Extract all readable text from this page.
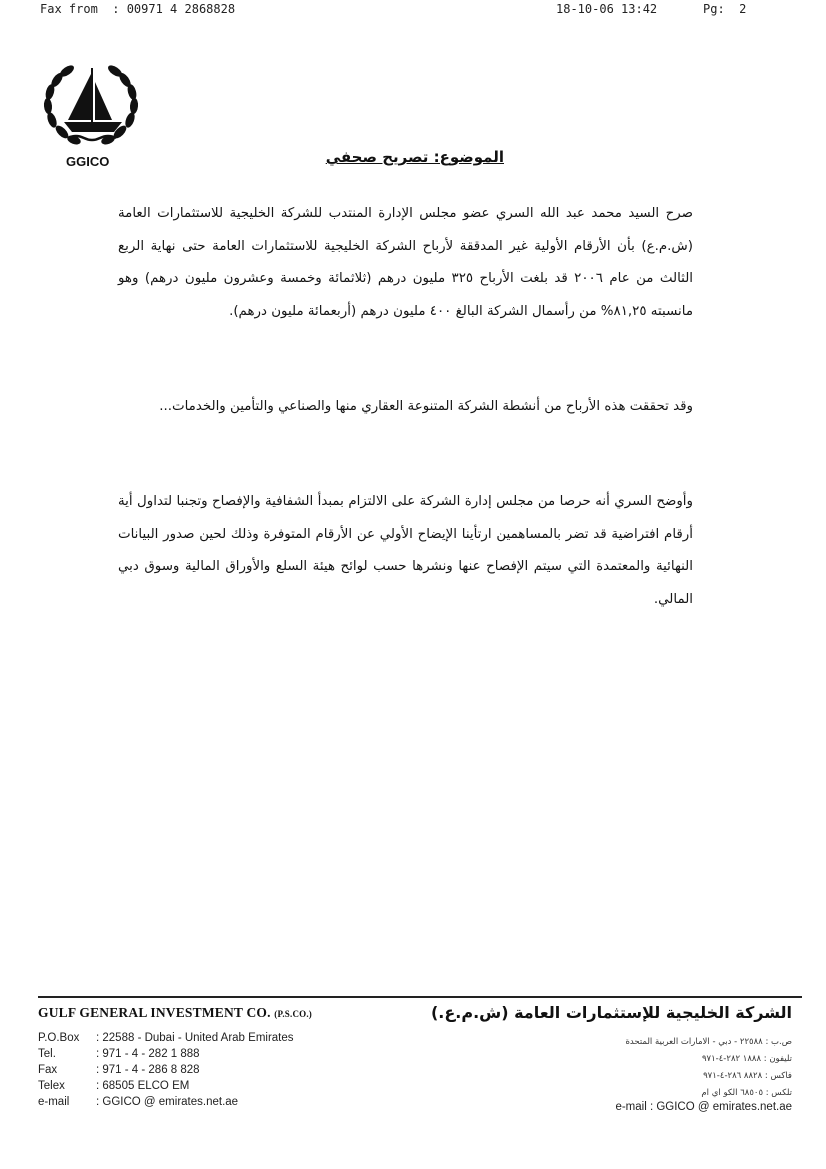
Fax from  : 00971 4 2868828	18-10-06 13:42	Pg:  2
GGICO	الموضوع: تصريح صحفي
صرح السيد محمد عبد الله السري عضو مجلس الإدارة المنتدب للشركة الخليجية للاستثمارات العامة (ش.م.ع) بأن الأرقام الأولية غير المدققة لأرباح الشركة الخليجية للاستثمارات العامة حتى نهاية الربع الثالث من عام ٢٠٠٦ قد بلغت الأرباح ٣٢٥ مليون درهم (ثلاثمائة وخمسة وعشرون مليون درهم) وهو مانسبته ٨١,٢٥% من رأسمال الشركة البالغ ٤٠٠ مليون درهم (أربعمائة مليون درهم).
وقد تحققت هذه الأرباح من أنشطة الشركة المتنوعة العقاري منها والصناعي والتأمين والخدمات...
وأوضح السري أنه حرصا من مجلس إدارة الشركة على الالتزام بمبدأ الشفافية والإفصاح وتجنبا لتداول أية أرقام افتراضية قد تضر بالمساهمين ارتأينا الإيضاح الأولي عن الأرقام المتوفرة وذلك لحين صدور البيانات النهائية والمعتمدة التي سيتم الإفصاح عنها ونشرها حسب لوائح هيئة السلع والأوراق المالية وسوق دبي المالي.
GULF GENERAL INVESTMENT CO. (P.S.CO.)
P.O.Box	: 22588 - Dubai - United Arab Emirates
Tel.	: 971 - 4 - 282 1 888
Fax	: 971 - 4 - 286 8 828
Telex	: 68505 ELCO EM
e-mail	: GGICO @ emirates.net.ae
الشركة الخليجية للإستثمارات العامة (ش.م.ع.)
ص.ب : ٢٢٥٨٨ - دبي - الامارات العربية المتحدة
تليفون : ١٨٨٨ ٢٨٢-٤-٩٧١
فاكس : ٨٨٢٨ ٢٨٦-٤-٩٧١
تلكس : ٦٨٥٠٥ الكو اي ام
e-mail : GGICO @ emirates.net.ae
